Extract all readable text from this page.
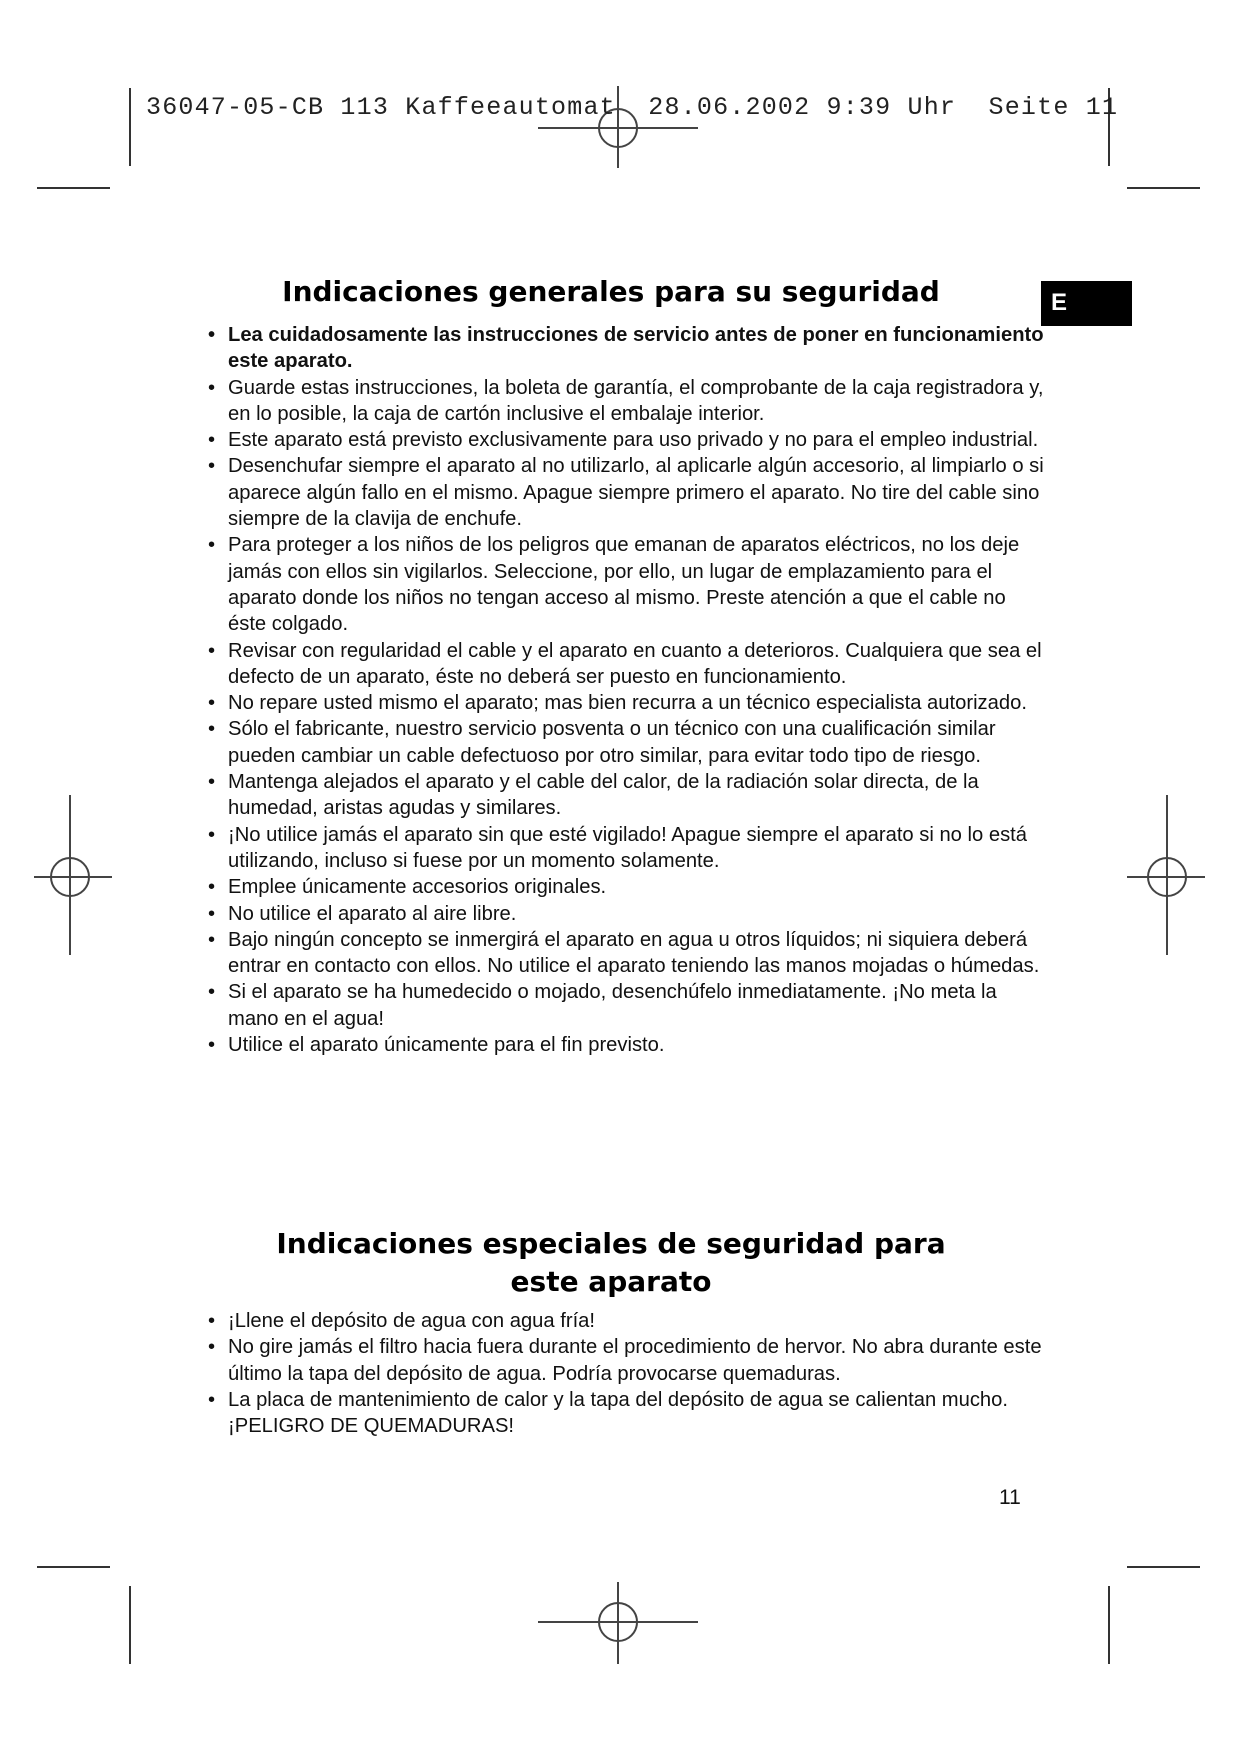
36047-05-CB 113 Kaffeeautomat  28.06.2002 9:39 Uhr  Seite 11
E
Indicaciones generales para su seguridad
• Lea cuidadosamente las instrucciones de servicio antes de poner en funcionamiento este aparato.
• Guarde estas instrucciones, la boleta de garantía, el comprobante de la caja registradora y, en lo posible, la caja de cartón inclusive el embalaje interior.
• Este aparato está previsto exclusivamente para uso privado y no para el empleo industrial.
• Desenchufar siempre el aparato al no utilizarlo, al aplicarle algún accesorio, al limpiarlo o si aparece algún fallo en el mismo. Apague siempre primero el aparato. No tire del cable sino siempre de la clavija de enchufe.
• Para proteger a los niños de los peligros que emanan de aparatos eléctricos, no los deje jamás con ellos sin vigilarlos. Seleccione, por ello, un lugar de emplazamiento para el aparato donde los niños no tengan acceso al mismo. Preste atención a que el cable no éste colgado.
• Revisar con regularidad el cable y el aparato en cuanto a deterioros. Cualquiera que sea el defecto de un aparato, éste no deberá ser puesto en funcionamiento.
• No repare usted mismo el aparato; mas bien recurra a un técnico especialista autorizado.
• Sólo el fabricante, nuestro servicio posventa o un técnico con una cualificación similar pueden cambiar un cable defectuoso por otro similar, para evitar todo tipo de riesgo.
• Mantenga alejados el aparato y el cable del calor, de la radiación solar directa, de la humedad, aristas agudas y similares.
• ¡No utilice jamás el aparato sin que esté vigilado! Apague siempre el aparato si no lo está utilizando, incluso si fuese por un momento solamente.
• Emplee únicamente accesorios originales.
• No utilice el aparato al aire libre.
• Bajo ningún concepto se inmergirá el aparato en agua u otros líquidos; ni siquiera deberá entrar en contacto con ellos. No utilice el aparato teniendo las manos mojadas o húmedas.
• Si el aparato se ha humedecido o mojado, desenchúfelo inmediatamente. ¡No meta la mano en el agua!
• Utilice el aparato únicamente para el fin previsto.
Indicaciones especiales de seguridad para
este aparato
• ¡Llene el depósito de agua con agua fría!
• No gire jamás el filtro hacia fuera durante el procedimiento de hervor. No abra durante este último la tapa del depósito de agua. Podría provocarse quemaduras.
• La placa de mantenimiento de calor y la tapa del depósito de agua se calientan mucho. ¡PELIGRO DE QUEMADURAS!
11
